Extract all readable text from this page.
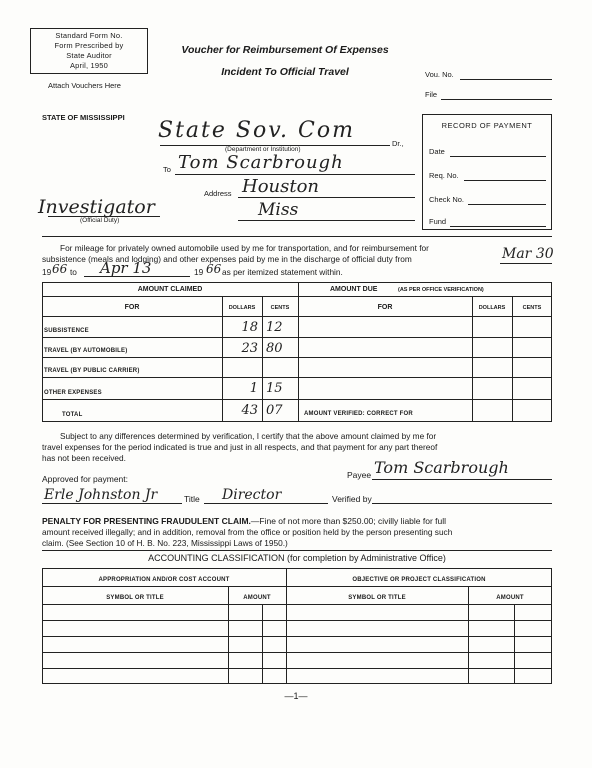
Standard Form No.
Form Prescribed by
State Auditor
April, 1950
Attach Vouchers Here
Voucher for Reimbursement Of Expenses
Incident To Official Travel	Vou. No.
File
STATE OF MISSISSIPPI
State Sov. Com
Dr.,
(Department or Institution)
To Tom Scarbrough
Address Houston
Miss
Investigator
(Official Duty)
RECORD OF PAYMENT
Date
Req. No.
Check No.
Fund
For mileage for privately owned automobile used by me for transportation, and for reimbursement for
subsistence (meals and lodging) and other expenses paid by me in the discharge of official duty from	Mar 30
19 66 to Apr 13	19 66 as per itemized statement within.
AMOUNT CLAIMED	AMOUNT DUE	(AS PER OFFICE VERIFICATION)
FOR	DOLLARS	CENTS	FOR	DOLLARS	CENTS
SUBSISTENCE	18 12
TRAVEL (BY AUTOMOBILE)	23 80
TRAVEL (BY PUBLIC CARRIER)
OTHER EXPENSES	1 15
TOTAL	43 07	AMOUNT VERIFIED: CORRECT FOR
Subject to any differences determined by verification, I certify that the above amount claimed by me for
travel expenses for the period indicated is true and just in all respects, and that payment for any part thereof
has not been received.
Payee Tom Scarbrough
Approved for payment:
Erle Johnston Jr	Title Director	Verified by
PENALTY FOR PRESENTING FRAUDULENT CLAIM.—Fine of not more than $250.00; civilly liable for full
amount received illegally; and in addition, removal from the office or position held by the person presenting such
claim. (See Section 10 of H. B. No. 223, Mississippi Laws of 1950.)
ACCOUNTING CLASSIFICATION (for completion by Administrative Office)
APPROPRIATION AND/OR COST ACCOUNT	OBJECTIVE OR PROJECT CLASSIFICATION
SYMBOL OR TITLE	AMOUNT	SYMBOL OR TITLE	AMOUNT
—1—
